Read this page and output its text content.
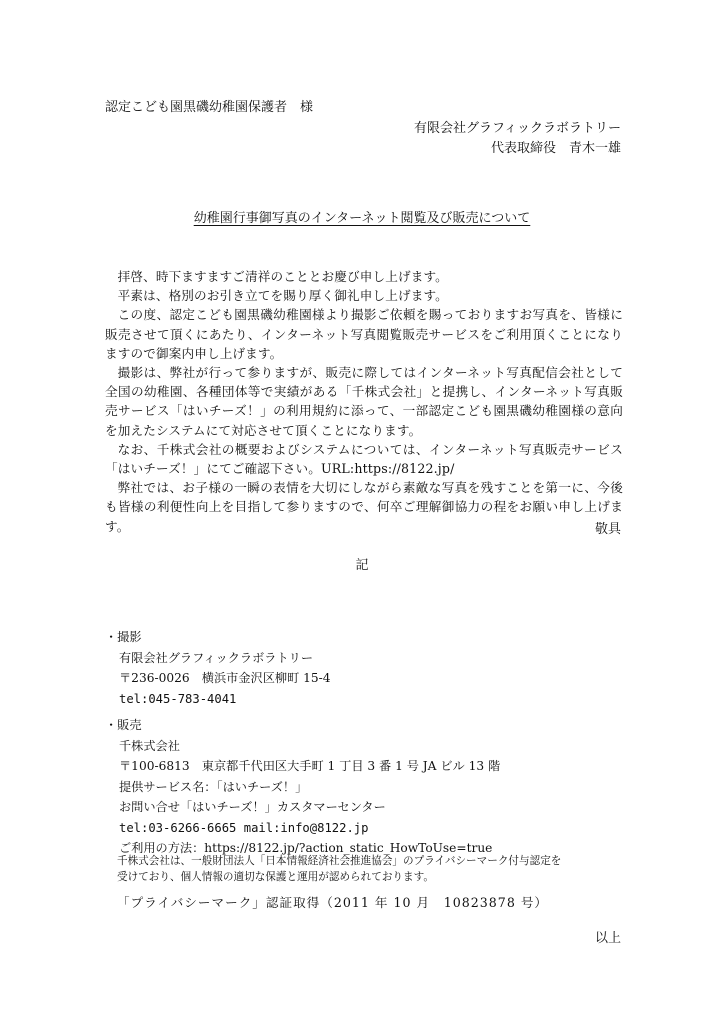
認定こども園黒磯幼稚園保護者　様
有限会社グラフィックラボラトリー
代表取締役　青木一雄
幼稚園行事御写真のインターネット閲覧及び販売について

拝啓、時下ますますご清祥のこととお慶び申し上げます。

平素は、格別のお引き立てを賜り厚く御礼申し上げます。

この度、認定こども園黒磯幼稚園様より撮影ご依頼を賜っておりますお写真を、皆様に販売させて頂くにあたり、インターネット写真閲覧販売サービスをご利用頂くことになりますので御案内申し上げます。

撮影は、弊社が行って参りますが、販売に際してはインターネット写真配信会社として全国の幼稚園、各種団体等で実績がある「千株式会社」と提携し、インターネット写真販売サービス「はいチーズ！」の利用規約に添って、一部認定こども園黒磯幼稚園様の意向を加えたシステムにて対応させて頂くことになります。

なお、千株式会社の概要およびシステムについては、インターネット写真販売サービス「はいチーズ！」にてご確認下さい。URL:https://8122.jp/

弊社では、お子様の一瞬の表情を大切にしながら素敵な写真を残すことを第一に、今後も皆様の利便性向上を目指して参りますので、何卒ご理解御協力の程をお願い申し上げます。	敬具
記
・撮影
有限会社グラフィックラボラトリー
〒236-0026　横浜市金沢区柳町 15-4
tel:045-783-4041
・販売
千株式会社
〒100-6813　東京都千代田区大手町 1 丁目 3 番 1 号 JA ビル 13 階
提供サービス名：「はいチーズ！」
お問い合せ「はいチーズ！」カスタマーセンター
tel:03-6266-6665 mail:info@8122.jp
ご利用の方法：https://8122.jp/?action_static_HowToUse=true
千株式会社は、一般財団法人「日本情報経済社会推進協会」のプライバシーマーク付与認定を
受けており、個人情報の適切な保護と運用が認められております。
「プライバシーマーク」認証取得（2011 年 10 月　10823878 号）
以上
